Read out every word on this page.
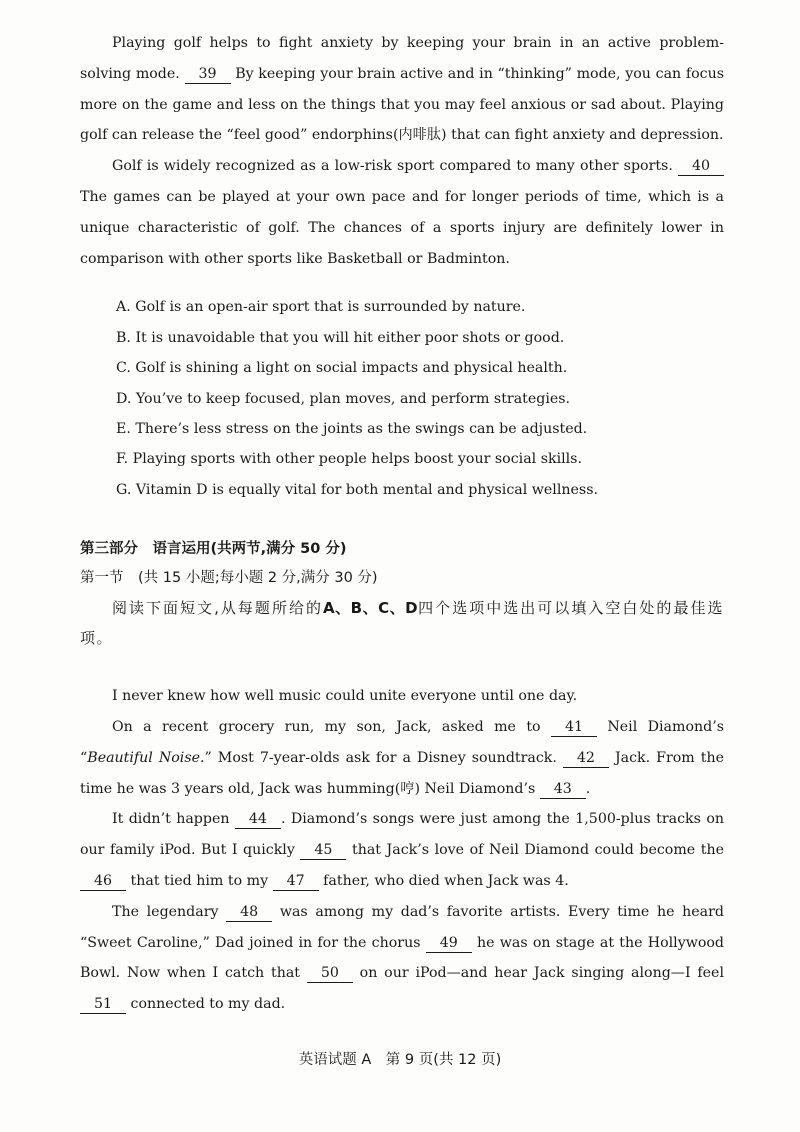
Playing golf helps to fight anxiety by keeping your brain in an active problem-solving mode. 39 By keeping your brain active and in “thinking” mode, you can focus more on the game and less on the things that you may feel anxious or sad about. Playing golf can release the “feel good” endorphins(内啡肽) that can fight anxiety and depression.

Golf is widely recognized as a low-risk sport compared to many other sports. 40 The games can be played at your own pace and for longer periods of time, which is a unique characteristic of golf. The chances of a sports injury are definitely lower in comparison with other sports like Basketball or Badminton.

A. Golf is an open-air sport that is surrounded by nature.
B. It is unavoidable that you will hit either poor shots or good.
C. Golf is shining a light on social impacts and physical health.
D. You’ve to keep focused, plan moves, and perform strategies.
E. There’s less stress on the joints as the swings can be adjusted.
F. Playing sports with other people helps boost your social skills.
G. Vitamin D is equally vital for both mental and physical wellness.
第三部分　语言运用(共两节,满分 50 分)
第一节　(共 15 小题;每小题 2 分,满分 30 分)

阅读下面短文,从每题所给的A、B、C、D四个选项中选出可以填入空白处的最佳选项。

I never knew how well music could unite everyone until one day.

On a recent grocery run, my son, Jack, asked me to 41 Neil Diamond’s “Beautiful Noise.” Most 7-year-olds ask for a Disney soundtrack. 42 Jack. From the time he was 3 years old, Jack was humming(哼) Neil Diamond’s 43 .

It didn’t happen 44 . Diamond’s songs were just among the 1,500-plus tracks on our family iPod. But I quickly 45 that Jack’s love of Neil Diamond could become the 46 that tied him to my 47 father, who died when Jack was 4.

The legendary 48 was among my dad’s favorite artists. Every time he heard “Sweet Caroline,” Dad joined in for the chorus 49 he was on stage at the Hollywood Bowl. Now when I catch that 50 on our iPod—and hear Jack singing along—I feel 51 connected to my dad.

英语试题 A　第 9 页(共 12 页)
